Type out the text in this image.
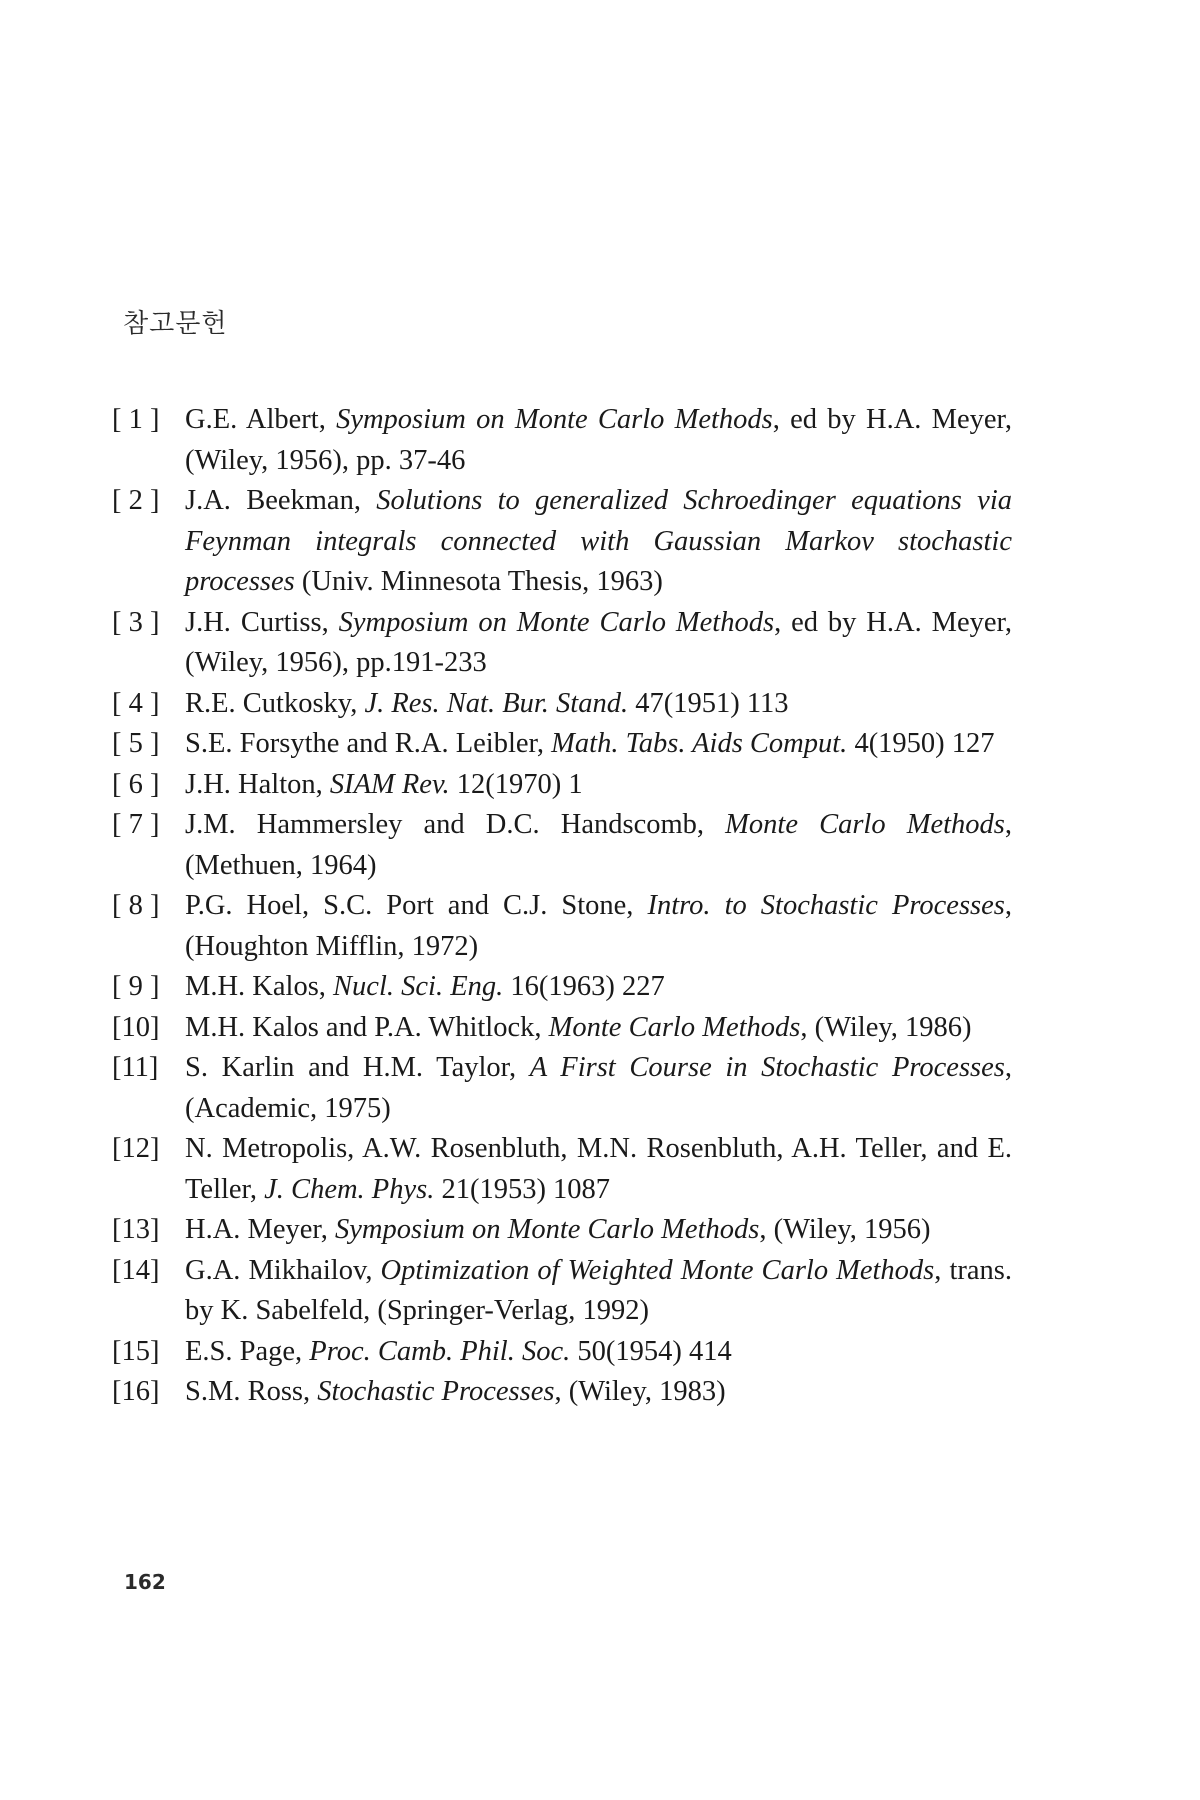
참고문헌
[ 1 ] G.E. Albert, Symposium on Monte Carlo Methods, ed by H.A. Meyer, (Wiley, 1956), pp. 37-46
[ 2 ] J.A. Beekman, Solutions to generalized Schroedinger equations via Feynman integrals connected with Gaussian Markov stochastic processes (Univ. Minnesota Thesis, 1963)
[ 3 ] J.H. Curtiss, Symposium on Monte Carlo Methods, ed by H.A. Meyer, (Wiley, 1956), pp.191-233
[ 4 ] R.E. Cutkosky, J. Res. Nat. Bur. Stand. 47(1951) 113
[ 5 ] S.E. Forsythe and R.A. Leibler, Math. Tabs. Aids Comput. 4(1950) 127
[ 6 ] J.H. Halton, SIAM Rev. 12(1970) 1
[ 7 ] J.M. Hammersley and D.C. Handscomb, Monte Carlo Methods, (Methuen, 1964)
[ 8 ] P.G. Hoel, S.C. Port and C.J. Stone, Intro. to Stochastic Processes, (Houghton Mifflin, 1972)
[ 9 ] M.H. Kalos, Nucl. Sci. Eng. 16(1963) 227
[10] M.H. Kalos and P.A. Whitlock, Monte Carlo Methods, (Wiley, 1986)
[11] S. Karlin and H.M. Taylor, A First Course in Stochastic Processes, (Academic, 1975)
[12] N. Metropolis, A.W. Rosenbluth, M.N. Rosenbluth, A.H. Teller, and E. Teller, J. Chem. Phys. 21(1953) 1087
[13] H.A. Meyer, Symposium on Monte Carlo Methods, (Wiley, 1956)
[14] G.A. Mikhailov, Optimization of Weighted Monte Carlo Methods, trans. by K. Sabelfeld, (Springer-Verlag, 1992)
[15] E.S. Page, Proc. Camb. Phil. Soc. 50(1954) 414
[16] S.M. Ross, Stochastic Processes, (Wiley, 1983)
162
